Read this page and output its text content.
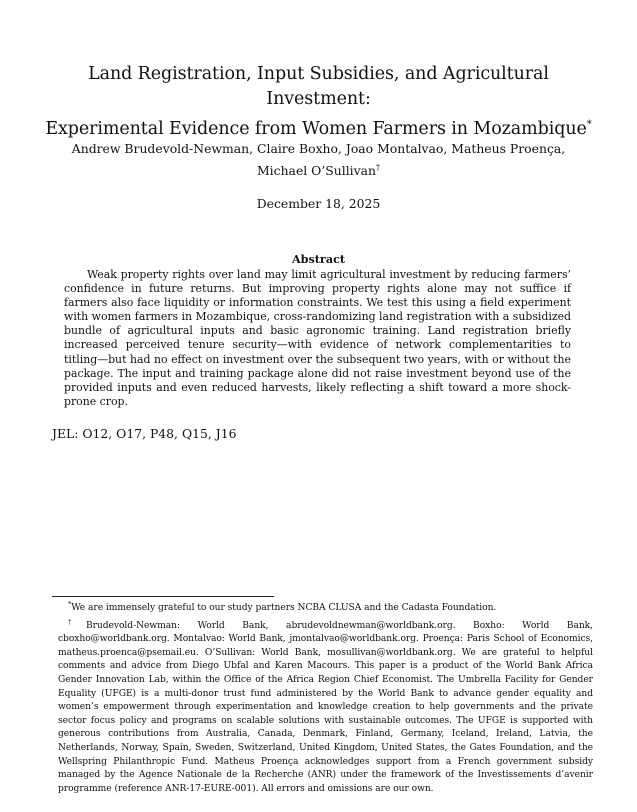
Land Registration, Input Subsidies, and Agricultural Investment:
Experimental Evidence from Women Farmers in Mozambique*
Andrew Brudevold-Newman, Claire Boxho, Joao Montalvao, Matheus Proença,
Michael O’Sullivan†
December 18, 2025
Abstract

Weak property rights over land may limit agricultural investment by reducing farmers’ confidence in future returns. But improving property rights alone may not suffice if farmers also face liquidity or information constraints. We test this using a field experiment with women farmers in Mozambique, cross-randomizing land registration with a subsidized bundle of agricultural inputs and basic agronomic training. Land registration briefly increased perceived tenure security—with evidence of network complementarities to titling—but had no effect on investment over the subsequent two years, with or without the package. The input and training package alone did not raise investment beyond use of the provided inputs and even reduced harvests, likely reflecting a shift toward a more shock-prone crop.

JEL: O12, O17, P48, Q15, J16

*We are immensely grateful to our study partners NCBA CLUSA and the Cadasta Foundation.

†Brudevold-Newman: World Bank, abrudevoldnewman@worldbank.org. Boxho: World Bank, cboxho@worldbank.org. Montalvao: World Bank, jmontalvao@worldbank.org. Proença: Paris School of Economics, matheus.proenca@psemail.eu. O’Sullivan: World Bank, mosullivan@worldbank.org. We are grateful to helpful comments and advice from Diego Ubfal and Karen Macours. This paper is a product of the World Bank Africa Gender Innovation Lab, within the Office of the Africa Region Chief Economist. The Umbrella Facility for Gender Equality (UFGE) is a multi-donor trust fund administered by the World Bank to advance gender equality and women’s empowerment through experimentation and knowledge creation to help governments and the private sector focus policy and programs on scalable solutions with sustainable outcomes. The UFGE is supported with generous contributions from Australia, Canada, Denmark, Finland, Germany, Iceland, Ireland, Latvia, the Netherlands, Norway, Spain, Sweden, Switzerland, United Kingdom, United States, the Gates Foundation, and the Wellspring Philanthropic Fund. Matheus Proença acknowledges support from a French government subsidy managed by the Agence Nationale de la Recherche (ANR) under the framework of the Investissements d’avenir programme (reference ANR-17-EURE-001). All errors and omissions are our own.
